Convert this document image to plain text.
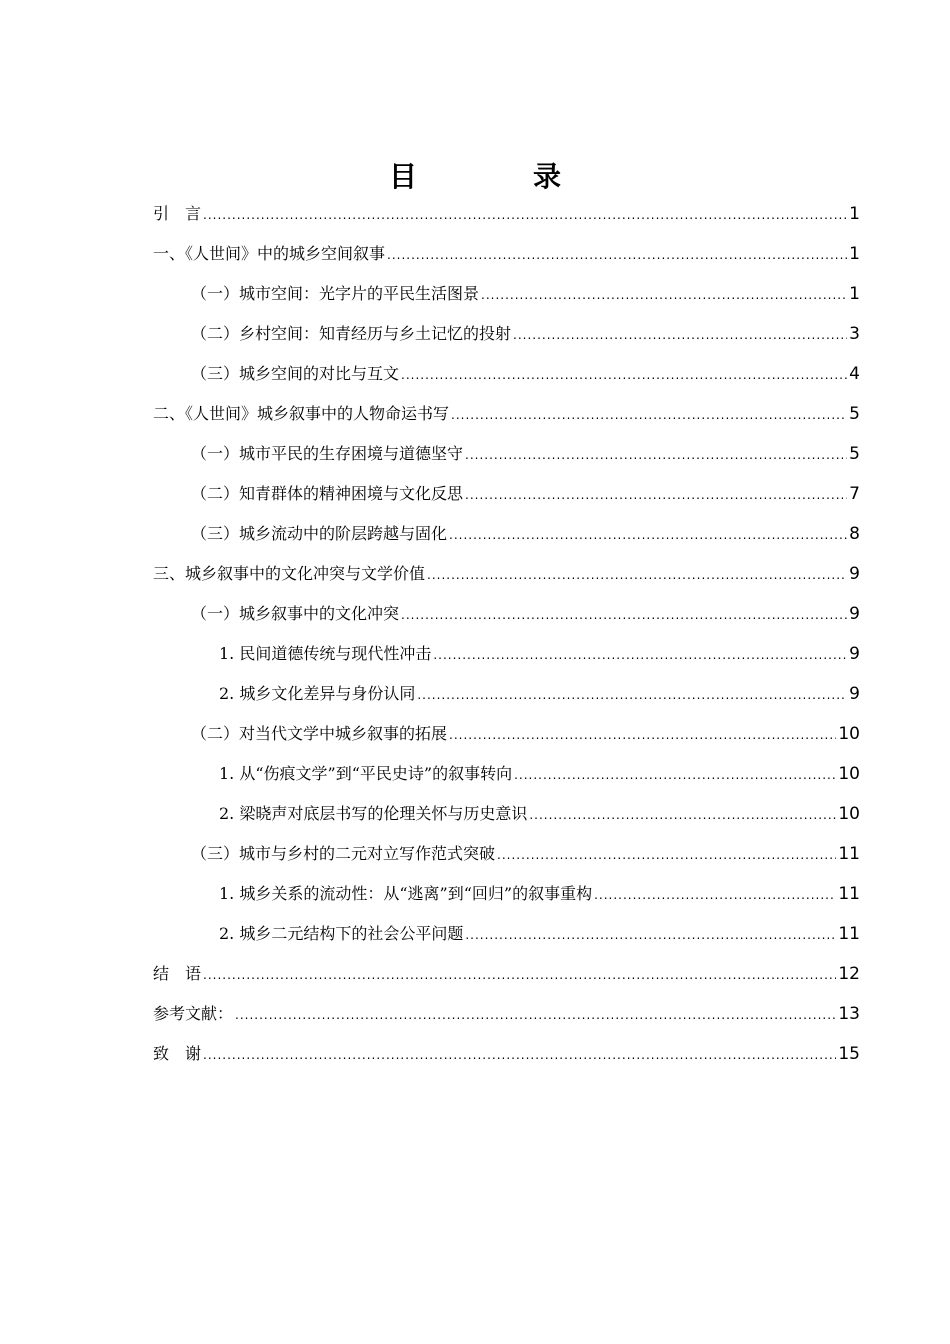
目　录
引　言 .....	1
一、《人世间》中的城乡空间叙事 .....	1
（一）城市空间：光字片的平民生活图景 .....	1
（二）乡村空间：知青经历与乡土记忆的投射 .....	3
（三）城乡空间的对比与互文 .....	4
二、《人世间》城乡叙事中的人物命运书写 .....	5
（一）城市平民的生存困境与道德坚守 .....	5
（二）知青群体的精神困境与文化反思 .....	7
（三）城乡流动中的阶层跨越与固化 .....	8
三、城乡叙事中的文化冲突与文学价值 .....	9
（一）城乡叙事中的文化冲突 .....	9
1. 民间道德传统与现代性冲击 .....	9
2. 城乡文化差异与身份认同 .....	9
（二）对当代文学中城乡叙事的拓展 .....	10
1. 从“伤痕文学”到“平民史诗”的叙事转向 .....	10
2. 梁晓声对底层书写的伦理关怀与历史意识 .....	10
（三）城市与乡村的二元对立写作范式突破 .....	11
1. 城乡关系的流动性：从“逃离”到“回归”的叙事重构 .....	11
2. 城乡二元结构下的社会公平问题 .....	11
结　语 .....	12
参考文献： .....	13
致　谢 .....	15
